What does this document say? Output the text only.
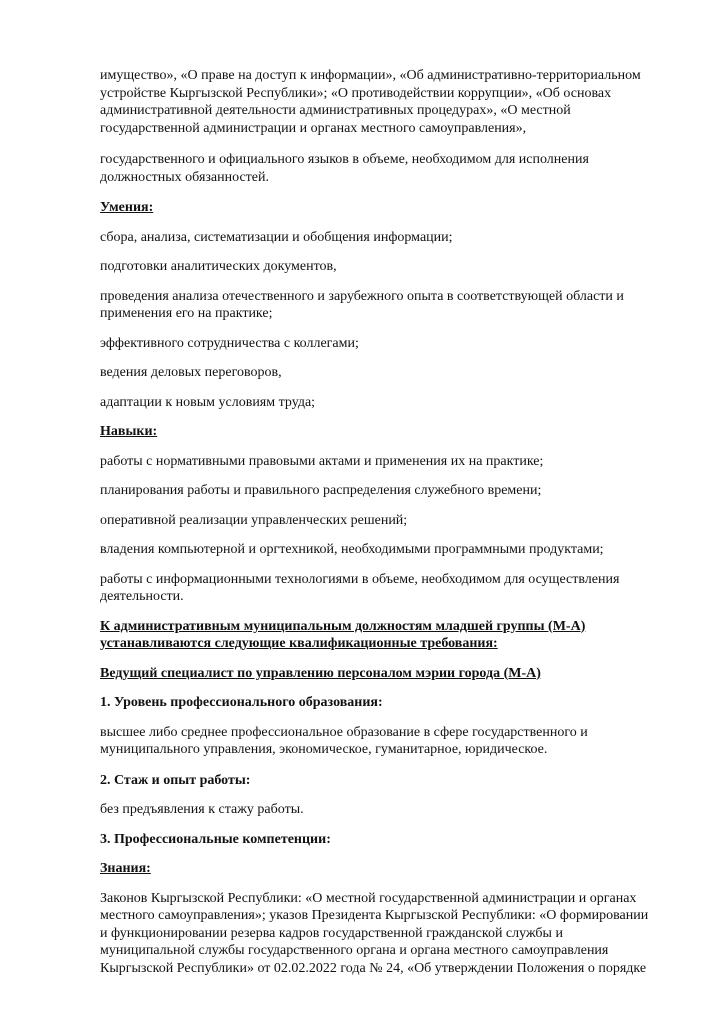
имущество», «О праве на доступ к информации», «Об административно-территориальном устройстве Кыргызской Республики»; «О противодействии коррупции», «Об основах административной деятельности административных процедурах», «О местной государственной администрации и органах местного самоуправления»,

государственного и официального языков в объеме, необходимом для исполнения должностных обязанностей.

Умения:

сбора, анализа, систематизации и обобщения информации;

подготовки аналитических документов,

проведения анализа отечественного и зарубежного опыта в соответствующей области и применения его на практике;

эффективного сотрудничества с коллегами;

ведения деловых переговоров,

адаптации к новым условиям труда;

Навыки:

работы с нормативными правовыми актами и применения их на практике;

планирования работы и правильного распределения служебного времени;

оперативной реализации управленческих решений;

владения компьютерной и оргтехникой, необходимыми программными продуктами;

работы с информационными технологиями в объеме, необходимом для осуществления деятельности.

К административным муниципальным должностям младшей группы (М-А) устанавливаются следующие квалификационные требования:

Ведущий специалист по управлению персоналом мэрии города (М-А)

1. Уровень профессионального образования:

высшее либо среднее профессиональное образование в сфере государственного и муниципального управления, экономическое, гуманитарное, юридическое.

2. Стаж и опыт работы:

без предъявления к стажу работы.

3. Профессиональные компетенции:

Знания:

Законов Кыргызской Республики: «О местной государственной администрации и органах местного самоуправления»; указов Президента Кыргызской Республики: «О формировании и функционировании резерва кадров государственной гражданской службы и муниципальной службы государственного органа и органа местного самоуправления Кыргызской Республики» от 02.02.2022 года № 24, «Об утверждении Положения о порядке
